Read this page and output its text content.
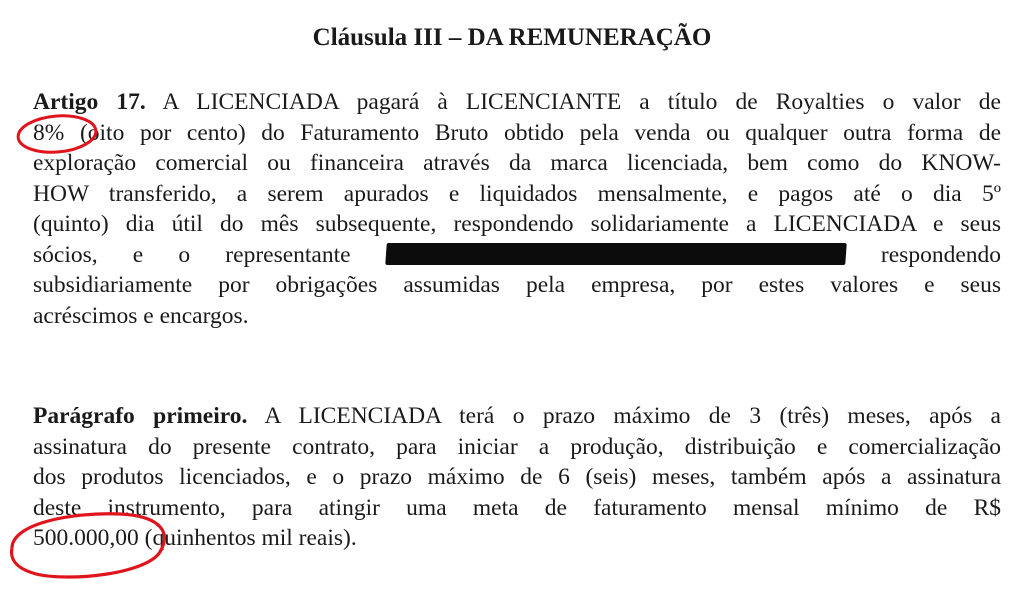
Cláusula III – DA REMUNERAÇÃO
Artigo 17. A LICENCIADA pagará à LICENCIANTE a título de Royalties o valor de
8% (oito por cento) do Faturamento Bruto obtido pela venda ou qualquer outra forma de
exploração comercial ou financeira através da marca licenciada, bem como do KNOW-
HOW transferido, a serem apurados e liquidados mensalmente, e pagos até o dia 5º
(quinto) dia útil do mês subsequente, respondendo solidariamente a LICENCIADA e seus
sócios, e o representante	respondendo
subsidiariamente por obrigações assumidas pela empresa, por estes valores e seus
acréscimos e encargos.
Parágrafo primeiro. A LICENCIADA terá o prazo máximo de 3 (três) meses, após a
assinatura do presente contrato, para iniciar a produção, distribuição e comercialização
dos produtos licenciados, e o prazo máximo de 6 (seis) meses, também após a assinatura
deste instrumento, para atingir uma meta de faturamento mensal mínimo de R$
500.000,00 (quinhentos mil reais).
